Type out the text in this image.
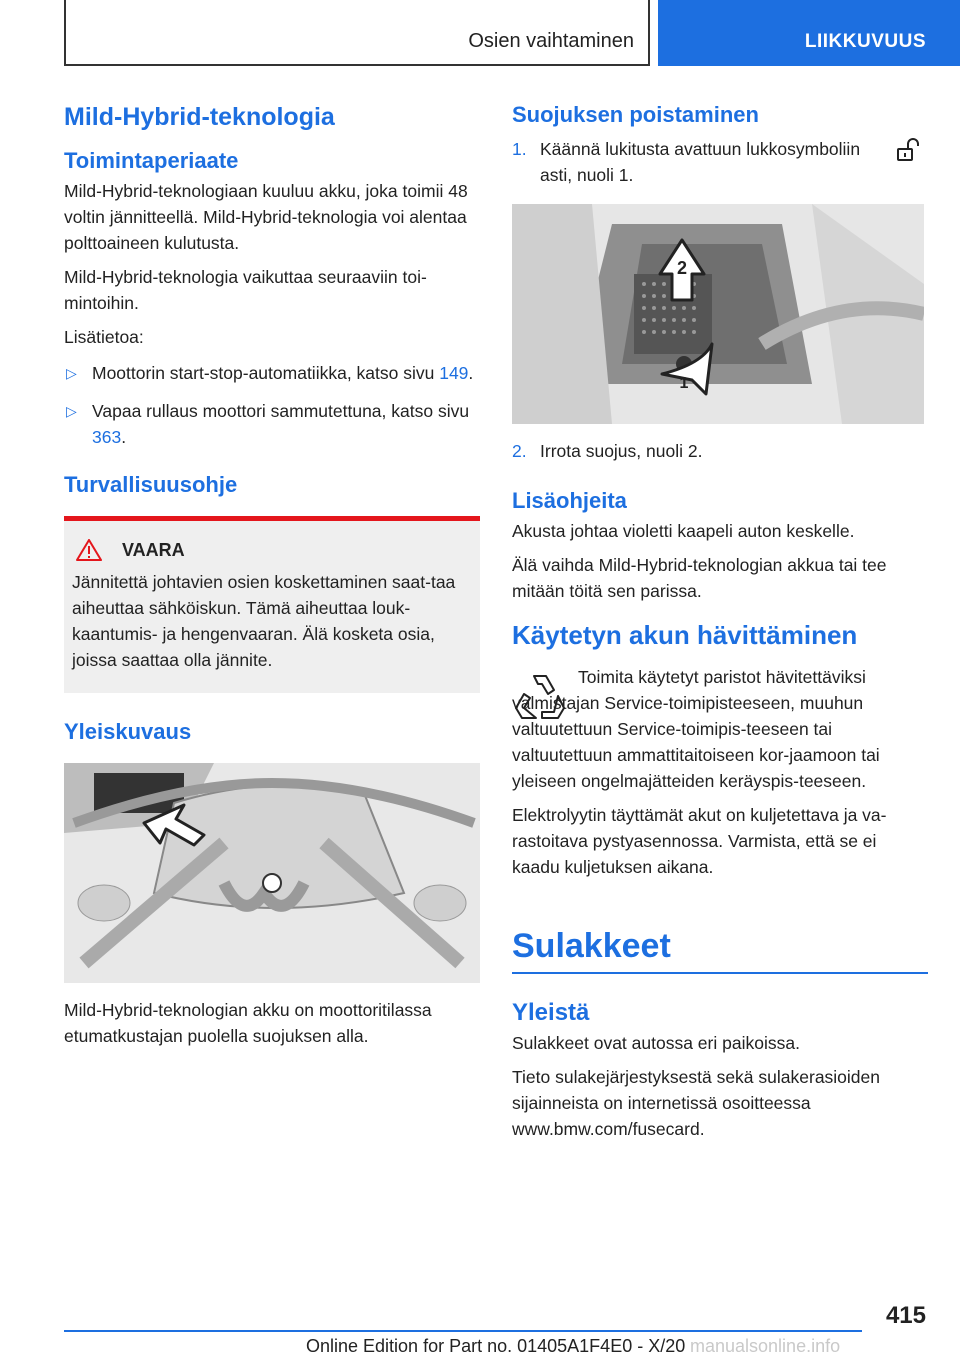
Osien vaihtaminen	LIIKKUVUUS
Mild-Hybrid-teknologia
Toimintaperiaate

Mild-Hybrid-teknologiaan kuuluu akku, joka toimii 48 voltin jännitteellä. Mild-Hybrid-teknologia voi alentaa polttoaineen kulutusta.

Mild-Hybrid-teknologia vaikuttaa seuraaviin toi-mintoihin.

Lisätietoa:

▷ Moottorin start-stop-automatiikka, katso sivu 149.
▷ Vapaa rullaus moottori sammutettuna, katso sivu 363.
Turvallisuusohje
VAARA

Jännitettä johtavien osien koskettaminen saat-taa aiheuttaa sähköiskun. Tämä aiheuttaa louk-kaantumis- ja hengenvaaran. Älä kosketa osia, joissa saattaa olla jännite.

Yleiskuvaus

Mild-Hybrid-teknologian akku on moottoritilassa etumatkustajan puolella suojuksen alla.

Suojuksen poistaminen
1. Käännä lukitusta avattuun lukkosymboliin asti, nuoli 1.
2
1
2. Irrota suojus, nuoli 2.
Lisäohjeita

Akusta johtaa violetti kaapeli auton keskelle.

Älä vaihda Mild-Hybrid-teknologian akkua tai tee mitään töitä sen parissa.

Käytetyn akun hävittäminen

Toimita käytetyt paristot hävitettäviksi valmistajan Service-toimipisteeseen, muuhun valtuutettuun Service-toimipis-teeseen tai valtuutettuun ammattitaitoiseen kor-jaamoon tai yleiseen ongelmajätteiden keräyspis-teeseen.

Elektrolyytin täyttämät akut on kuljetettava ja va-rastoitava pystyasennossa. Varmista, että se ei kaadu kuljetuksen aikana.

Sulakkeet
Yleistä

Sulakkeet ovat autossa eri paikoissa.

Tieto sulakejärjestyksestä sekä sulakerasioiden sijainneista on internetissä osoitteessa www.bmw.com/fusecard.

415
Online Edition for Part no. 01405A1F4E0 - X/20 manualsonline.info
